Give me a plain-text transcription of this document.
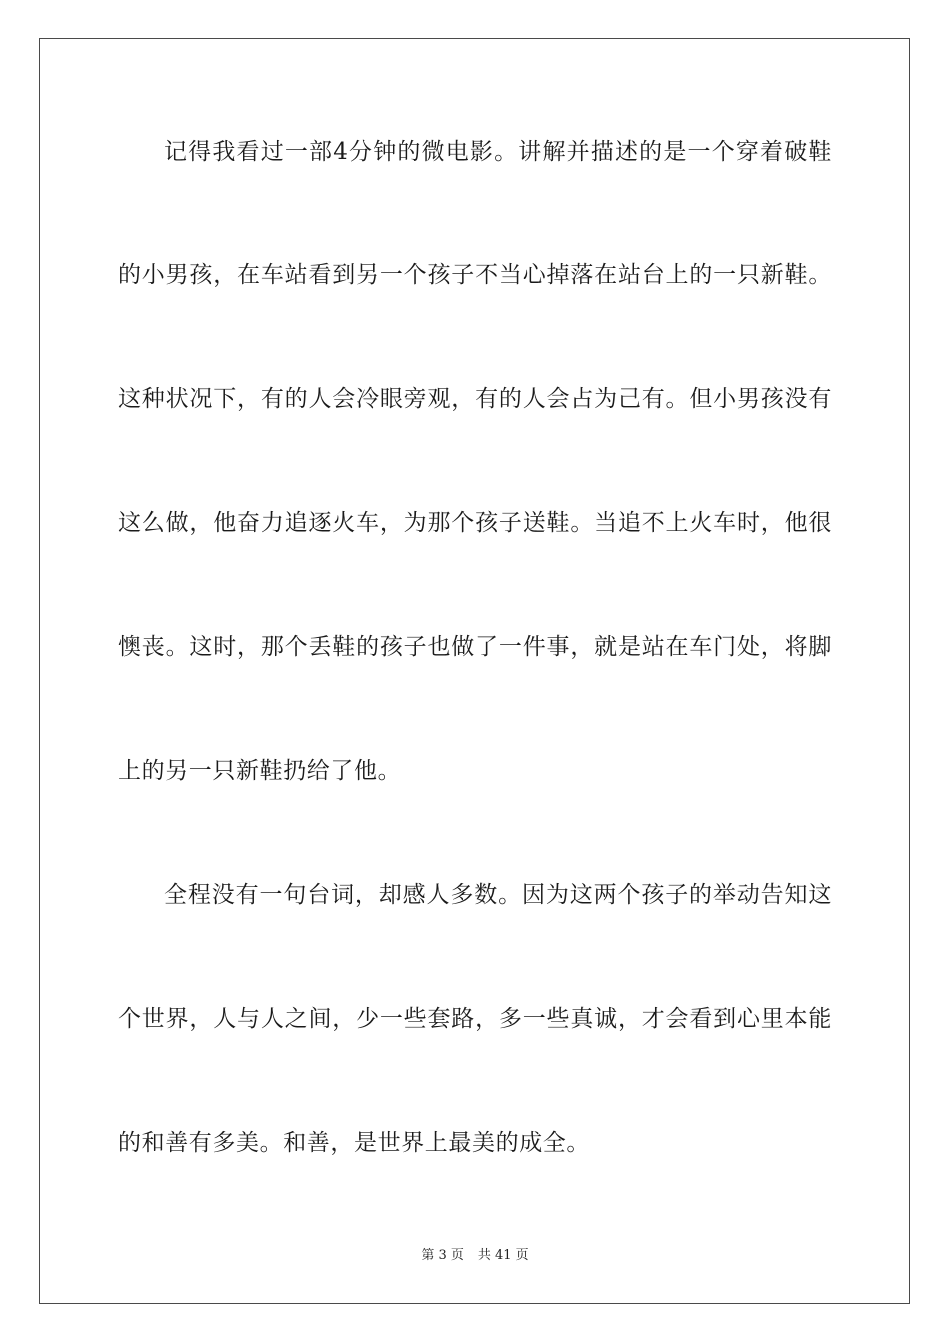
记得我看过一部4分钟的微电影。讲解并描述的是一个穿着破鞋
的小男孩，在车站看到另一个孩子不当心掉落在站台上的一只新鞋。
这种状况下，有的人会冷眼旁观，有的人会占为己有。但小男孩没有
这么做，他奋力追逐火车，为那个孩子送鞋。当追不上火车时，他很
懊丧。这时，那个丢鞋的孩子也做了一件事，就是站在车门处，将脚
上的另一只新鞋扔给了他。
全程没有一句台词，却感人多数。因为这两个孩子的举动告知这
个世界，人与人之间，少一些套路，多一些真诚，才会看到心里本能
的和善有多美。和善，是世界上最美的成全。
第 3 页 共 41 页
